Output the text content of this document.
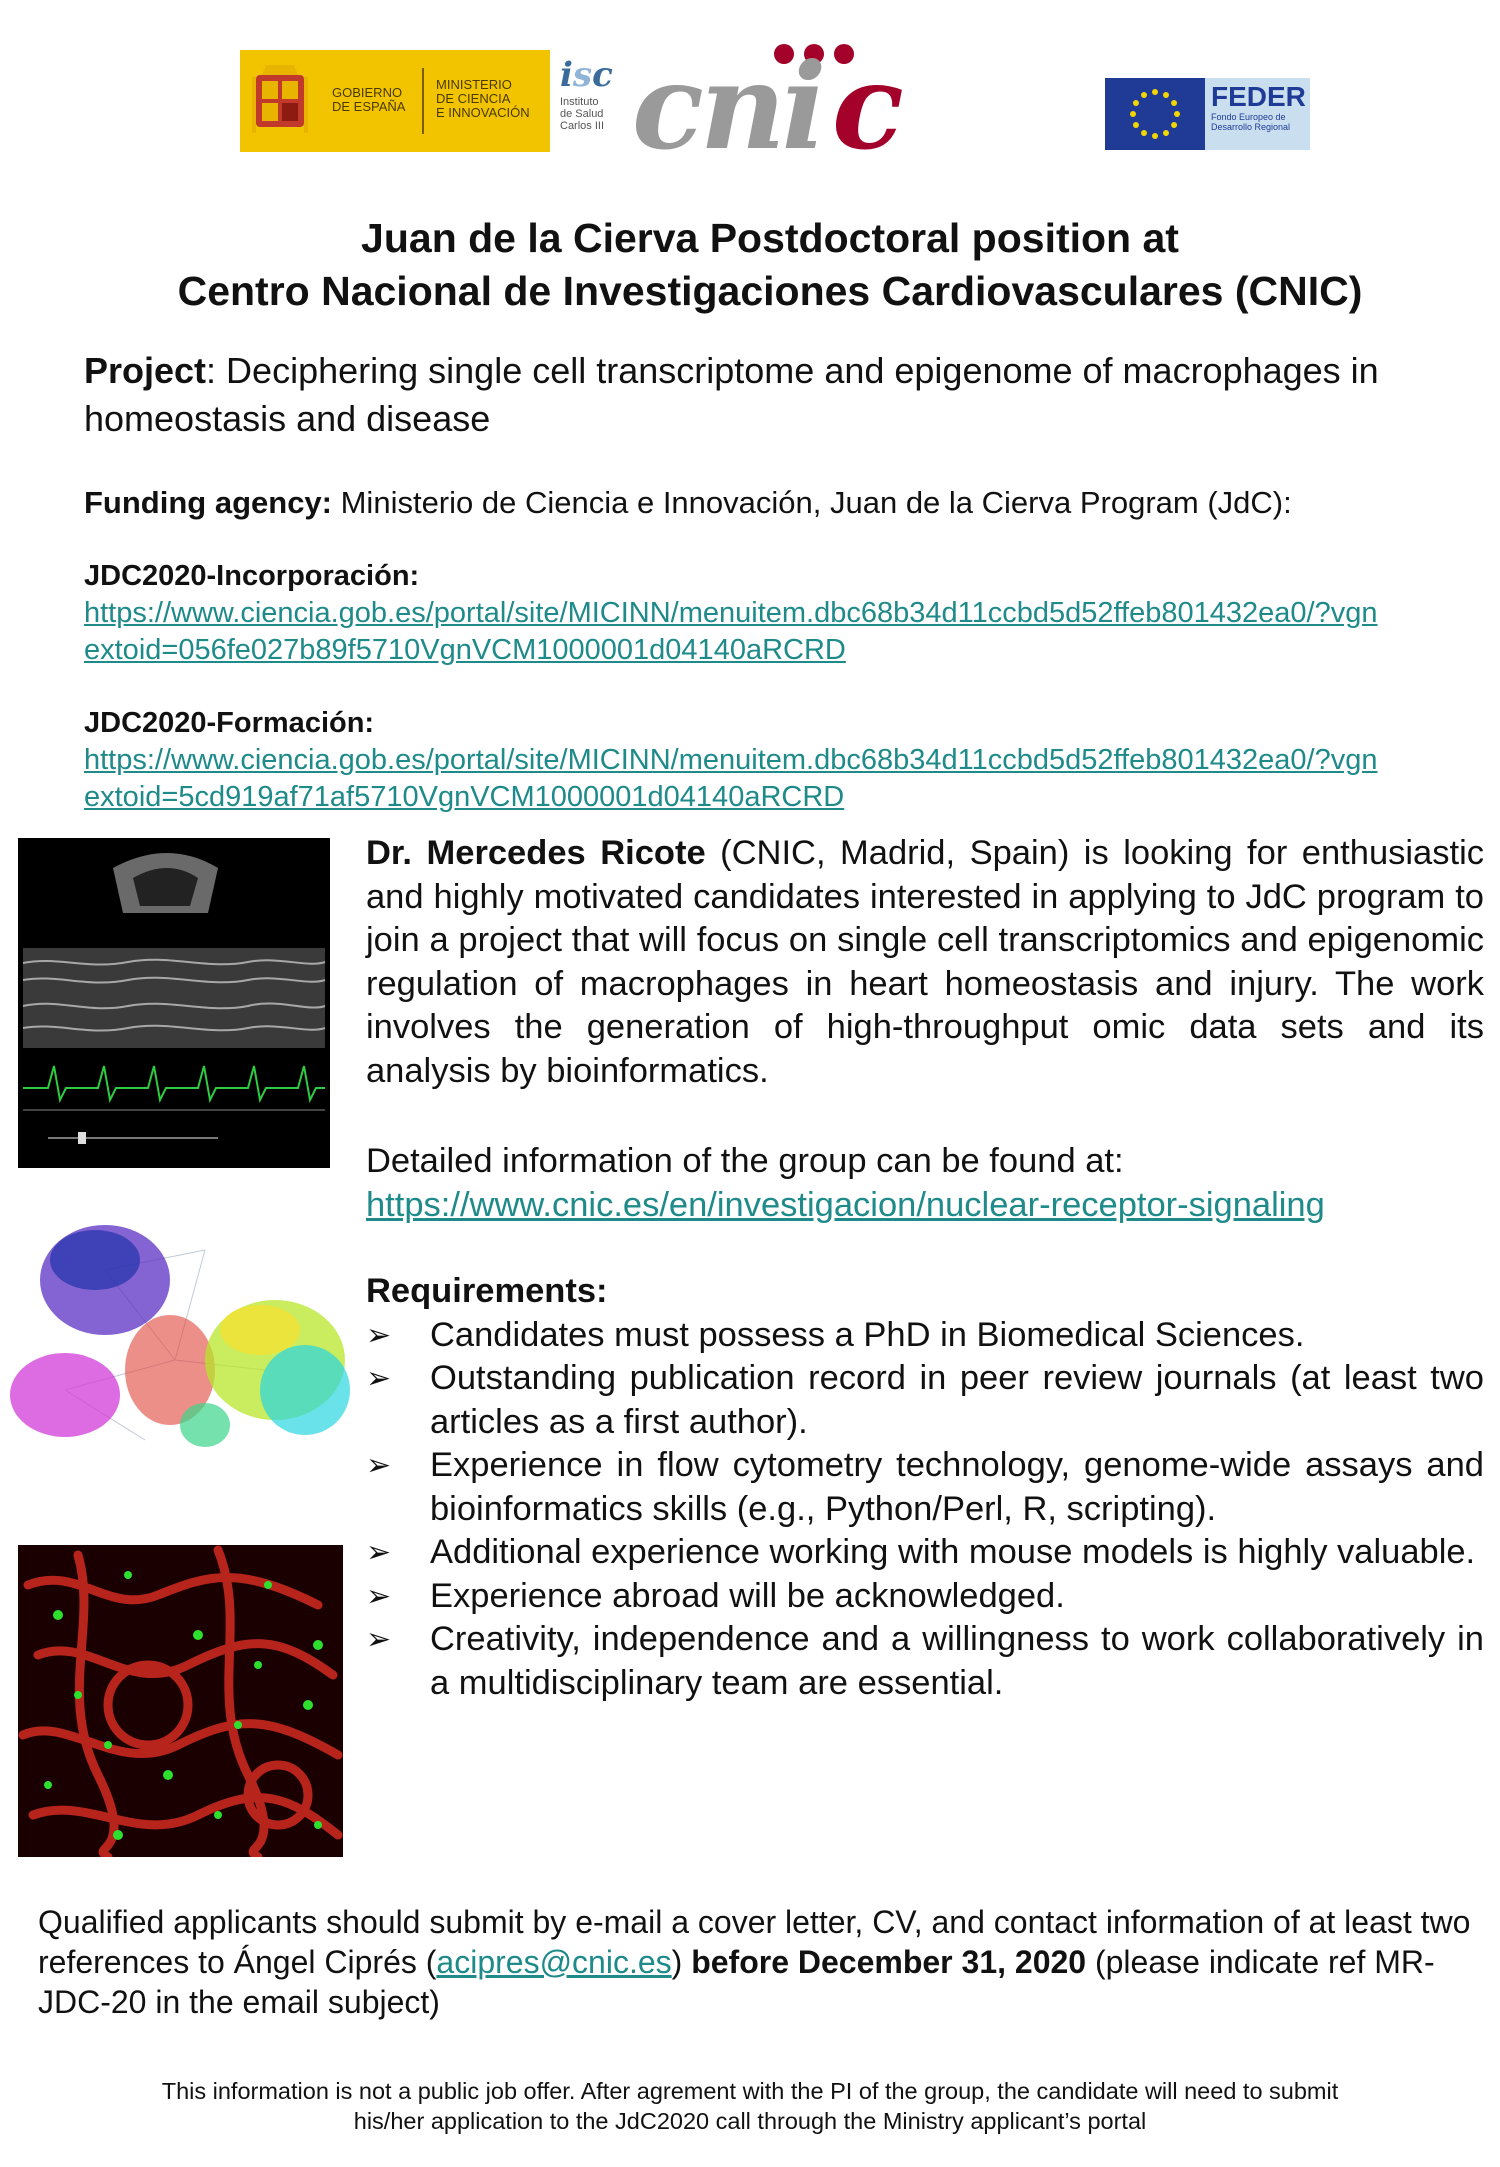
GOBIERNO
DE ESPAÑA
MINISTERIO
DE CIENCIA
E INNOVACIÓN
isc
Instituto
de Salud
Carlos III cni c	FEDER
Fondo Europeo de
Desarrollo Regional
Juan de la Cierva Postdoctoral position at
Centro Nacional de Investigaciones Cardiovasculares (CNIC)
Project: Deciphering single cell transcriptome and epigenome of macrophages in homeostasis and disease
Funding agency: Ministerio de Ciencia e Innovación, Juan de la Cierva Program (JdC):
JDC2020-Incorporación:
https://www.ciencia.gob.es/portal/site/MICINN/menuitem.dbc68b34d11ccbd5d52ffeb801432ea0/?vgn
extoid=056fe027b89f5710VgnVCM1000001d04140aRCRD
JDC2020-Formación:
https://www.ciencia.gob.es/portal/site/MICINN/menuitem.dbc68b34d11ccbd5d52ffeb801432ea0/?vgn
extoid=5cd919af71af5710VgnVCM1000001d04140aRCRD
Dr. Mercedes Ricote (CNIC, Madrid, Spain) is looking for enthusiastic and highly motivated candidates interested in applying to JdC program to join a project that will focus on single cell transcriptomics and epigenomic regulation of macrophages in heart homeostasis and injury. The work involves the generation of high-throughput omic data sets and its analysis by bioinformatics.
Detailed information of the group can be found at:
https://www.cnic.es/en/investigacion/nuclear-receptor-signaling
Requirements:
➢ Candidates must possess a PhD in Biomedical Sciences.
➢ Outstanding publication record in peer review journals (at least two articles as a first author).
➢ Experience in flow cytometry technology, genome-wide assays and bioinformatics skills (e.g., Python/Perl, R, scripting).
➢ Additional experience working with mouse models is highly valuable.
➢ Experience abroad will be acknowledged.
➢ Creativity, independence and a willingness to work collaboratively in a multidisciplinary team are essential.
Qualified applicants should submit by e-mail a cover letter, CV, and contact information of at least two references to Ángel Ciprés (acipres@cnic.es) before December 31, 2020 (please indicate ref MR-JDC-20 in the email subject)
This information is not a public job offer. After agrement with the PI of the group, the candidate will need to submit
his/her application to the JdC2020 call through the Ministry applicant’s portal
